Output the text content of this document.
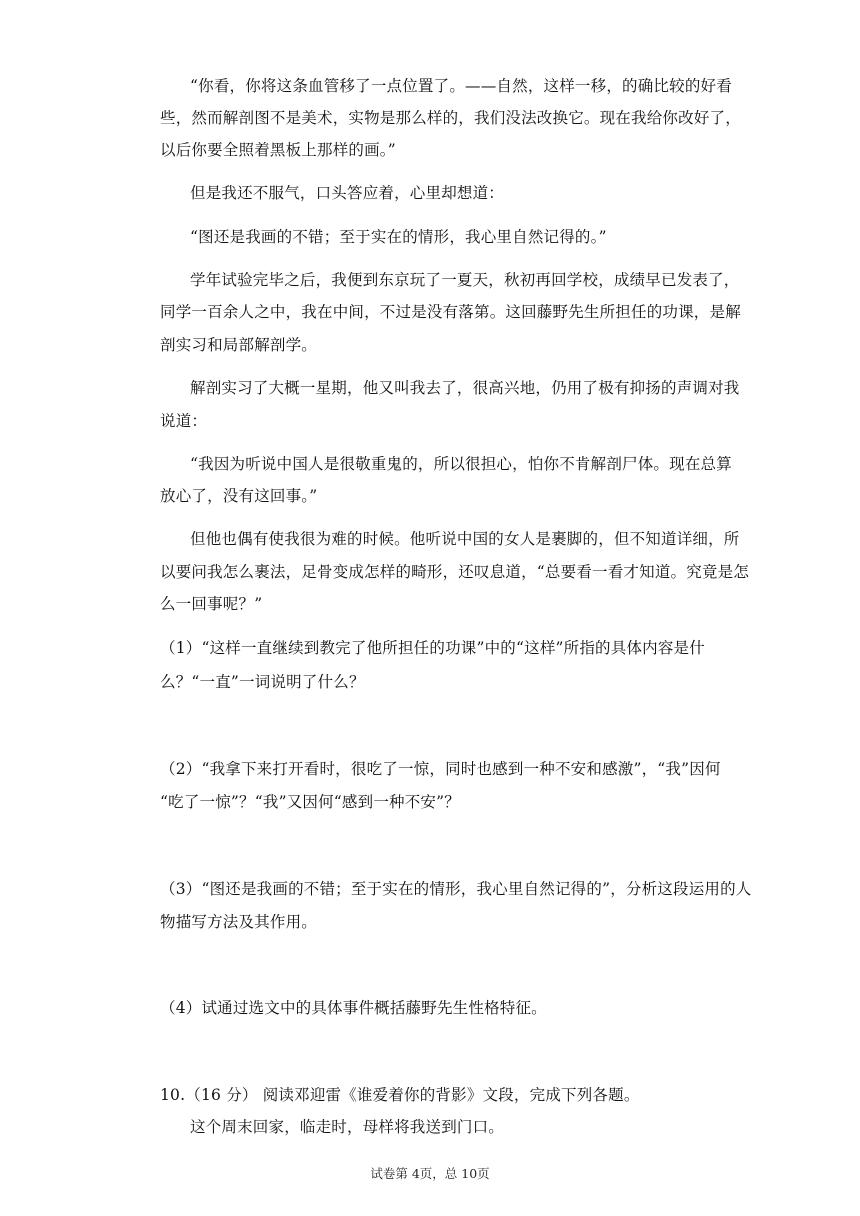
“你看，你将这条血管移了一点位置了。——自然，这样一移，的确比较的好看
些，然而解剖图不是美术，实物是那么样的，我们没法改换它。现在我给你改好了，
以后你要全照着黑板上那样的画。”
但是我还不服气，口头答应着，心里却想道：
“图还是我画的不错；至于实在的情形，我心里自然记得的。”
学年试验完毕之后，我便到东京玩了一夏天，秋初再回学校，成绩早已发表了，
同学一百余人之中，我在中间，不过是没有落第。这回藤野先生所担任的功课，是解
剖实习和局部解剖学。
解剖实习了大概一星期，他又叫我去了，很高兴地，仍用了极有抑扬的声调对我
说道：
“我因为听说中国人是很敬重鬼的，所以很担心，怕你不肯解剖尸体。现在总算
放心了，没有这回事。”
但他也偶有使我很为难的时候。他听说中国的女人是裹脚的，但不知道详细，所
以要问我怎么裹法，足骨变成怎样的畸形，还叹息道，“总要看一看才知道。究竟是怎
么一回事呢？”
（1）“这样一直继续到教完了他所担任的功课”中的“这样”所指的具体内容是什
么？“一直”一词说明了什么？
（2）“我拿下来打开看时，很吃了一惊，同时也感到一种不安和感激”，“我”因何
“吃了一惊”？“我”又因何“感到一种不安”？
（3）“图还是我画的不错；至于实在的情形，我心里自然记得的”，分析这段运用的人
物描写方法及其作用。
（4）试通过选文中的具体事件概括藤野先生性格特征。
10.（16 分） 阅读邓迎雷《谁爱着你的背影》文段，完成下列各题。
这个周末回家，临走时，母样将我送到门口。
试卷第 4页，总 10页
